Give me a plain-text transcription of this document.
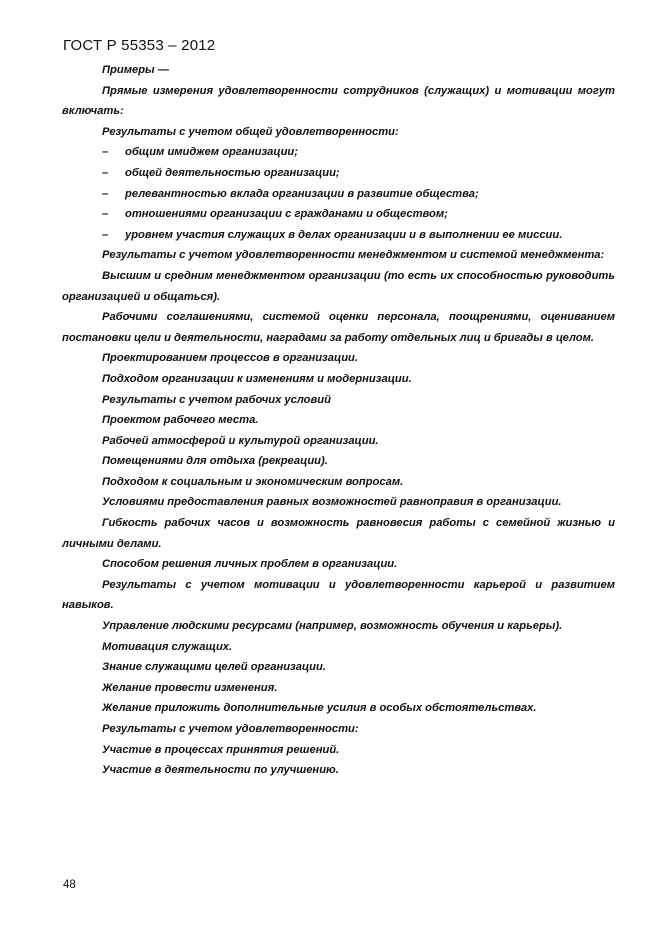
ГОСТ Р 55353 – 2012

Примеры —

Прямые измерения удовлетворенности сотрудников (служащих) и мотивации могут включать:

Результаты с учетом общей удовлетворенности:

– общим имиджем организации;

– общей деятельностью организации;

– релевантностью вклада организации в развитие общества;

– отношениями организации с гражданами и обществом;

– уровнем участия служащих в делах организации и в выполнении ее миссии.

Результаты с учетом удовлетворенности менеджментом и системой менеджмента:

Высшим и средним менеджментом организации (то есть их способностью руководить организацией и общаться).

Рабочими соглашениями, системой оценки персонала, поощрениями, оцениванием постановки цели и деятельности, наградами за работу отдельных лиц и бригады в целом.

Проектированием процессов в организации.

Подходом организации к изменениям и модернизации.

Результаты с учетом рабочих условий

Проектом рабочего места.

Рабочей атмосферой и культурой организации.

Помещениями для отдыха (рекреации).

Подходом к социальным и экономическим вопросам.

Условиями предоставления равных возможностей равноправия в организации.

Гибкость рабочих часов и возможность равновесия работы с семейной жизнью и личными делами.

Способом решения личных проблем в организации.

Результаты с учетом мотивации и удовлетворенности карьерой и развитием навыков.

Управление людскими ресурсами (например, возможность обучения и карьеры).

Мотивация служащих.

Знание служащими целей организации.

Желание провести изменения.

Желание приложить дополнительные усилия в особых обстоятельствах.

Результаты с учетом удовлетворенности:

Участие в процессах принятия решений.

Участие в деятельности по улучшению.

48
